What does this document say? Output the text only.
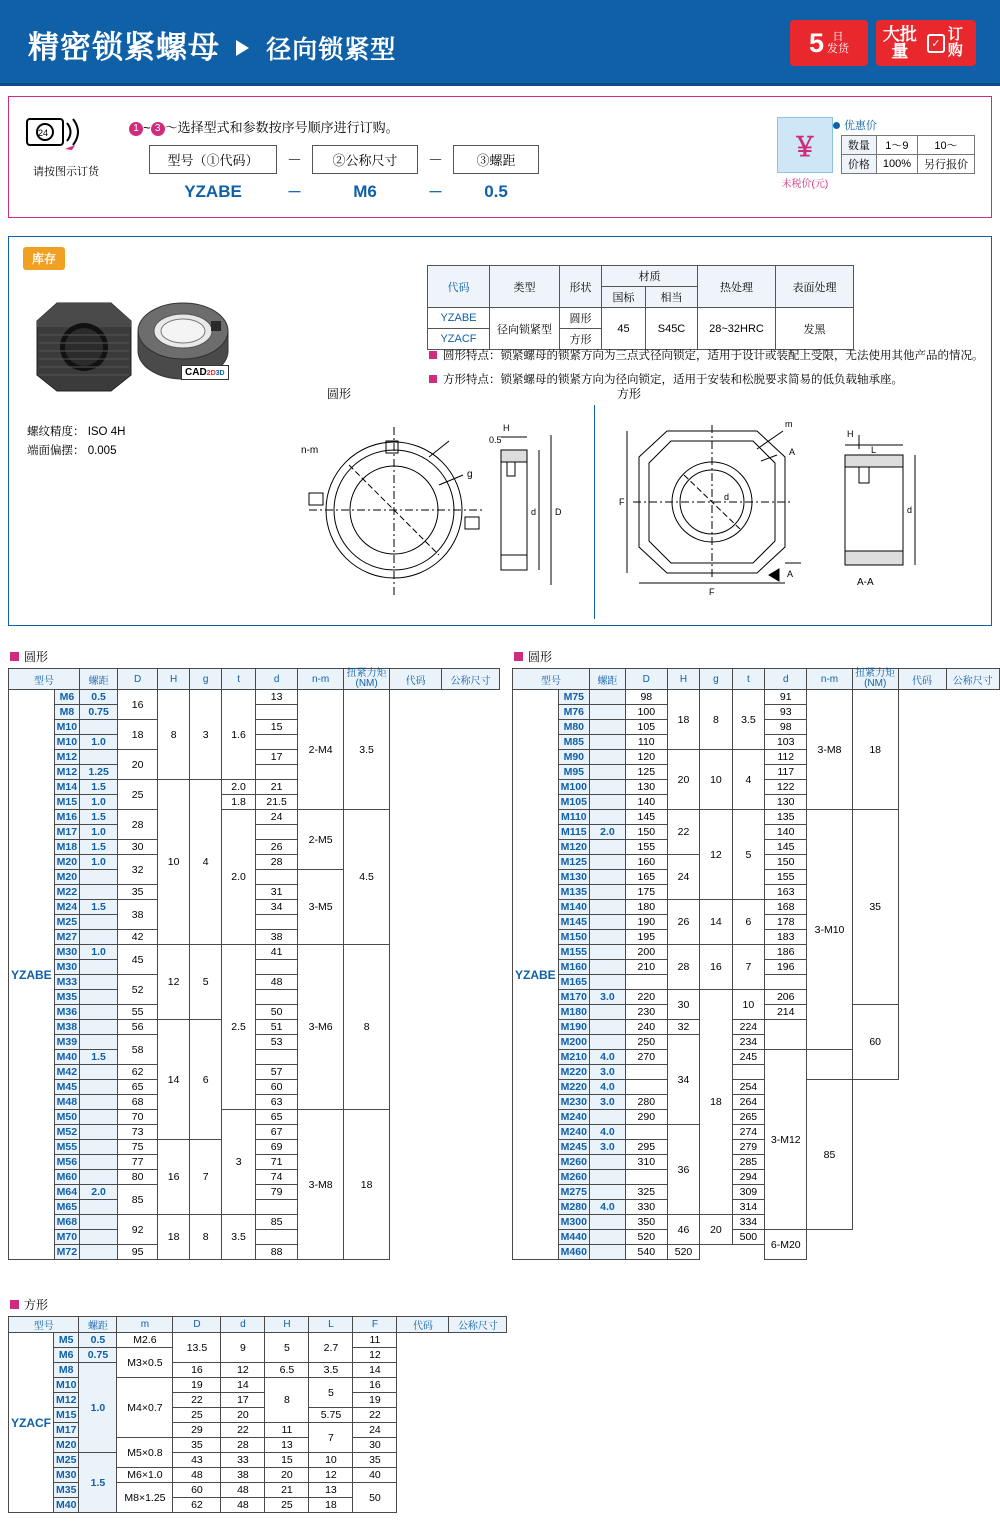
精密锁紧螺母 径向锁紧型	5 日
发货
大批量	✓
订购
24
请按图示订货
1 ~ 3 ～选择型式和参数按序号顺序进行订购。
型号（①代码）	－	②公称尺寸	－	③螺距
YZABE	－	M6	－	0.5
￥
未税价(元)
优惠价
数量	1～9	10～
价格	100%	另行报价
库存
CAD2D3D
螺纹精度： ISO 4H
端面偏摆： 0.005
代码	类型	形状	材质		热处理	表面处理
			国标	相当		
YZABE	径向锁紧型	圆形	45	S45C	28~32HRC	发黑
YZACF		方形				
圆形特点：锁紧螺母的锁紧方向为三点式径向锁定，适用于设计或装配上受限，无法使用其他产品的情况。
方形特点：锁紧螺母的锁紧方向为径向锁定，适用于安装和松脱要求简易的低负载轴承座。
圆形	方形
n-m
g
H
0.5
d D
F
F
m
A
A
d
H
L
d
A-A
圆形
型号		螺距	D	H	g	t	d	n-m	扭紧力矩
(NM)		
										代码	公称尺寸
YZABE	M6	0.5	16	8	3	1.6	13	2-M4	3.5		
	M8	0.75									
	M10		18				15				
	M10	1.0									
	M12		20				17				
	M12	1.25									
	M14	1.5	25	10	4	2.0	21				
	M15	1.0				1.8	21.5				
	M16	1.5	28			2.0	24	2-M5	4.5		
	M17	1.0									
	M18	1.5	30				26				
	M20	1.0	32				28				
	M20							3-M5			
	M22		35				31				
	M24	1.5	38				34				
	M25										
	M27		42				38				
	M30	1.0	45	12	5	2.5	41	3-M6	8		
	M30										
	M33		52				48				
	M35										
	M36		55				50				
	M38		56	14	6		51				
	M39		58				53				
	M40	1.5									
	M42		62				57				
	M45		65				60				
	M48		68				63				
	M50		70			3	65	3-M8	18		
	M52		73				67				
	M55		75	16	7		69				
	M56		77				71				
	M60		80				74				
	M64	2.0	85				79				
	M65										
	M68		92	18	8	3.5	85				
	M70										
	M72		95				88				
圆形
型号		螺距	D	H	g	t	d	n-m	扭紧力矩
(NM)		
										代码	公称尺寸
YZABE	M75		98	18	8	3.5	91	3-M8	18		
	M76		100				93				
	M80		105				98				
	M85		110				103				
	M90		120	20	10	4	112				
	M95		125				117				
	M100		130				122				
	M105		140				130				
	M110		145	22	12	5	135	3-M10	35		
	M115	2.0	150				140				
	M120		155				145				
	M125		160	24			150				
	M130		165				155				
	M135		175				163				
	M140		180	26	14	6	168				
	M145		190				178				
	M150		195				183				
	M155		200	28	16	7	186				
	M160		210				196				
	M165										
	M170	3.0	220	30	18	10	206				
	M180		230				214		60		
	M190		240	32		224					
	M200		250	34		234					
	M210	4.0	270			245	3-M12				
	M220	3.0									
	M220	4.0				254		85			
	M230	3.0	280			264					
	M240		290			265					
	M240	4.0		36		274					
	M245	3.0	295			279					
	M260		310			285					
	M260					294					
	M275		325			309					
	M280	4.0	330			314					
	M300		350	46	20	334					
	M440		520			500	6-M20				
	M460		540	520							
方形
型号		螺距	m	D	d	H	L	F		
									代码	公称尺寸
YZACF	M5	0.5	M2.6	13.5	9	5	2.7	11		
	M6	0.75	M3×0.5					12		
	M8	1.0		16	12	6.5	3.5	14		
	M10		M4×0.7	19	14	8	5	16		
	M12			22	17			19		
	M15			25	20		5.75	22		
	M17			29	22	11	7	24		
	M20		M5×0.8	35	28	13		30		
	M25	1.5		43	33	15	10	35		
	M30		M6×1.0	48	38	20	12	40		
	M35		M8×1.25	60	48	21	13	50		
	M40			62	48	25	18			
